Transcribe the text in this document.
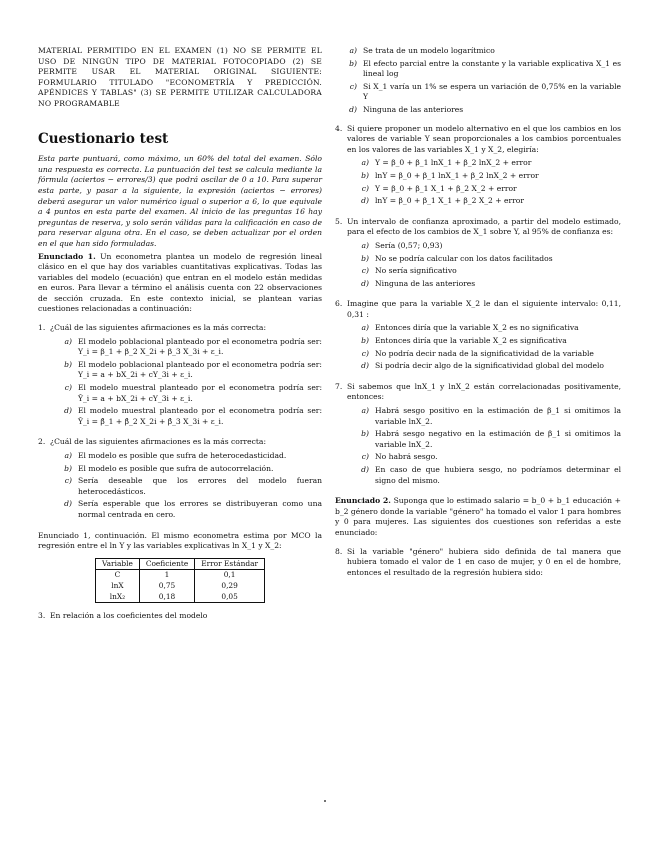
MATERIAL PERMITIDO EN EL EXAMEN (1) NO SE PERMITE EL USO DE NINGÚN TIPO DE MATERIAL FOTOCOPIADO (2) SE PERMITE USAR EL MATERIAL ORIGINAL SIGUIENTE: FORMULARIO TITULADO "ECONOMETRÍA Y PREDICCIÓN. APÉNDICES Y TABLAS" (3) SE PERMITE UTILIZAR CALCULADORA NO PROGRAMABLE

Cuestionario test

Esta parte puntuará, como máximo, un 60% del total del examen. Sólo una respuesta es correcta. La puntuación del test se calcula mediante la fórmula (aciertos − errores/3) que podrá oscilar de 0 a 10. Para superar esta parte, y pasar a la siguiente, la expresión (aciertos − errores) deberá asegurar un valor numérico igual o superior a 6, lo que equivale a 4 puntos en esta parte del examen. Al inicio de las preguntas 16 hay preguntas de reserva, y solo serán válidas para la calificación en caso de para reservar alguna otra. En el caso, se deben actualizar por el orden en el que han sido formuladas.

Enunciado 1. Un econometra plantea un modelo de regresión lineal clásico en el que hay dos variables cuantitativas explicativas. Todas las variables del modelo (ecuación) que entran en el modelo están medidas en euros. Para llevar a término el análisis cuenta con 22 observaciones de sección cruzada. En este contexto inicial, se plantean varias cuestiones relacionadas a continuación:

1. ¿Cuál de las siguientes afirmaciones es la más correcta:

a) El modelo poblacional planteado por el econometra podría ser: Y_i = β_1 + β_2 X_2i + β_3 X_3i + ε_i.
b) El modelo poblacional planteado por el econometra podría ser: Y_i = a + bX_2i + cY_3i + ε_i.
c) El modelo muestral planteado por el econometra podría ser: Ŷ_i = a + bX_2i + cY_3i + ε_i.
d) El modelo muestral planteado por el econometra podría ser: Ŷ_i = β̂_1 + β̂_2 X_2i + β̂_3 X_3i + ε_i.
2. ¿Cuál de las siguientes afirmaciones es la más correcta:

a) El modelo es posible que sufra de heterocedasticidad.
b) El modelo es posible que sufra de autocorrelación.
c) Sería deseable que los errores del modelo fueran heterocedásticos.
d) Sería esperable que los errores se distribuyeran como una normal centrada en cero.

Enunciado 1, continuación. El mismo econometra estima por MCO la regresión entre el ln Y y las variables explicativas ln X_1 y X_2:

Variable	Coeficiente	Error Estándar
C	1	0,1
lnX	0,75	0,29
lnX₂	0,18	0,05
3. En relación a los coeficientes del modelo

a) Se trata de un modelo logarítmico
b) El efecto parcial entre la constante y la variable explicativa X_1 es lineal log
c) Si X_1 varía un 1% se espera un variación de 0,75% en la variable Y
d) Ninguna de las anteriores
4. Si quiere proponer un modelo alternativo en el que los cambios en los valores de variable Y sean proporcionales a los cambios porcentuales en los valores de las variables X_1 y X_2, elegiría:

a) Y = β_0 + β_1 lnX_1 + β_2 lnX_2 + error
b) lnY = β_0 + β_1 lnX_1 + β_2 lnX_2 + error
c) Y = β_0 + β_1 X_1 + β_2 X_2 + error
d) lnY = β_0 + β_1 X_1 + β_2 X_2 + error
5. Un intervalo de confianza aproximado, a partir del modelo estimado, para el efecto de los cambios de X_1 sobre Y, al 95% de confianza es:

a) Sería (0,57; 0,93)
b) No se podría calcular con los datos facilitados
c) No sería significativo
d) Ninguna de las anteriores
6. Imagine que para la variable X_2 le dan el siguiente intervalo: 0,11, 0,31 :

a) Entonces diría que la variable X_2 es no significativa
b) Entonces diría que la variable X_2 es significativa
c) No podría decir nada de la significatividad de la variable
d) Si podría decir algo de la significatividad global del modelo
7. Si sabemos que lnX_1 y lnX_2 están correlacionadas positivamente, entonces:

a) Habrá sesgo positivo en la estimación de β_1 si omitimos la variable lnX_2.
b) Habrá sesgo negativo en la estimación de β_1 si omitimos la variable lnX_2.
c) No habrá sesgo.
d) En caso de que hubiera sesgo, no podríamos determinar el signo del mismo.

Enunciado 2. Suponga que lo estimado salario = b_0 + b_1 educación + b_2 género donde la variable "género" ha tomado el valor 1 para hombres y 0 para mujeres. Las siguientes dos cuestiones son referidas a este enunciado:

8. Si la variable "género" hubiera sido definida de tal manera que hubiera tomado el valor de 1 en caso de mujer, y 0 en el de hombre, entonces el resultado de la regresión hubiera sido:
